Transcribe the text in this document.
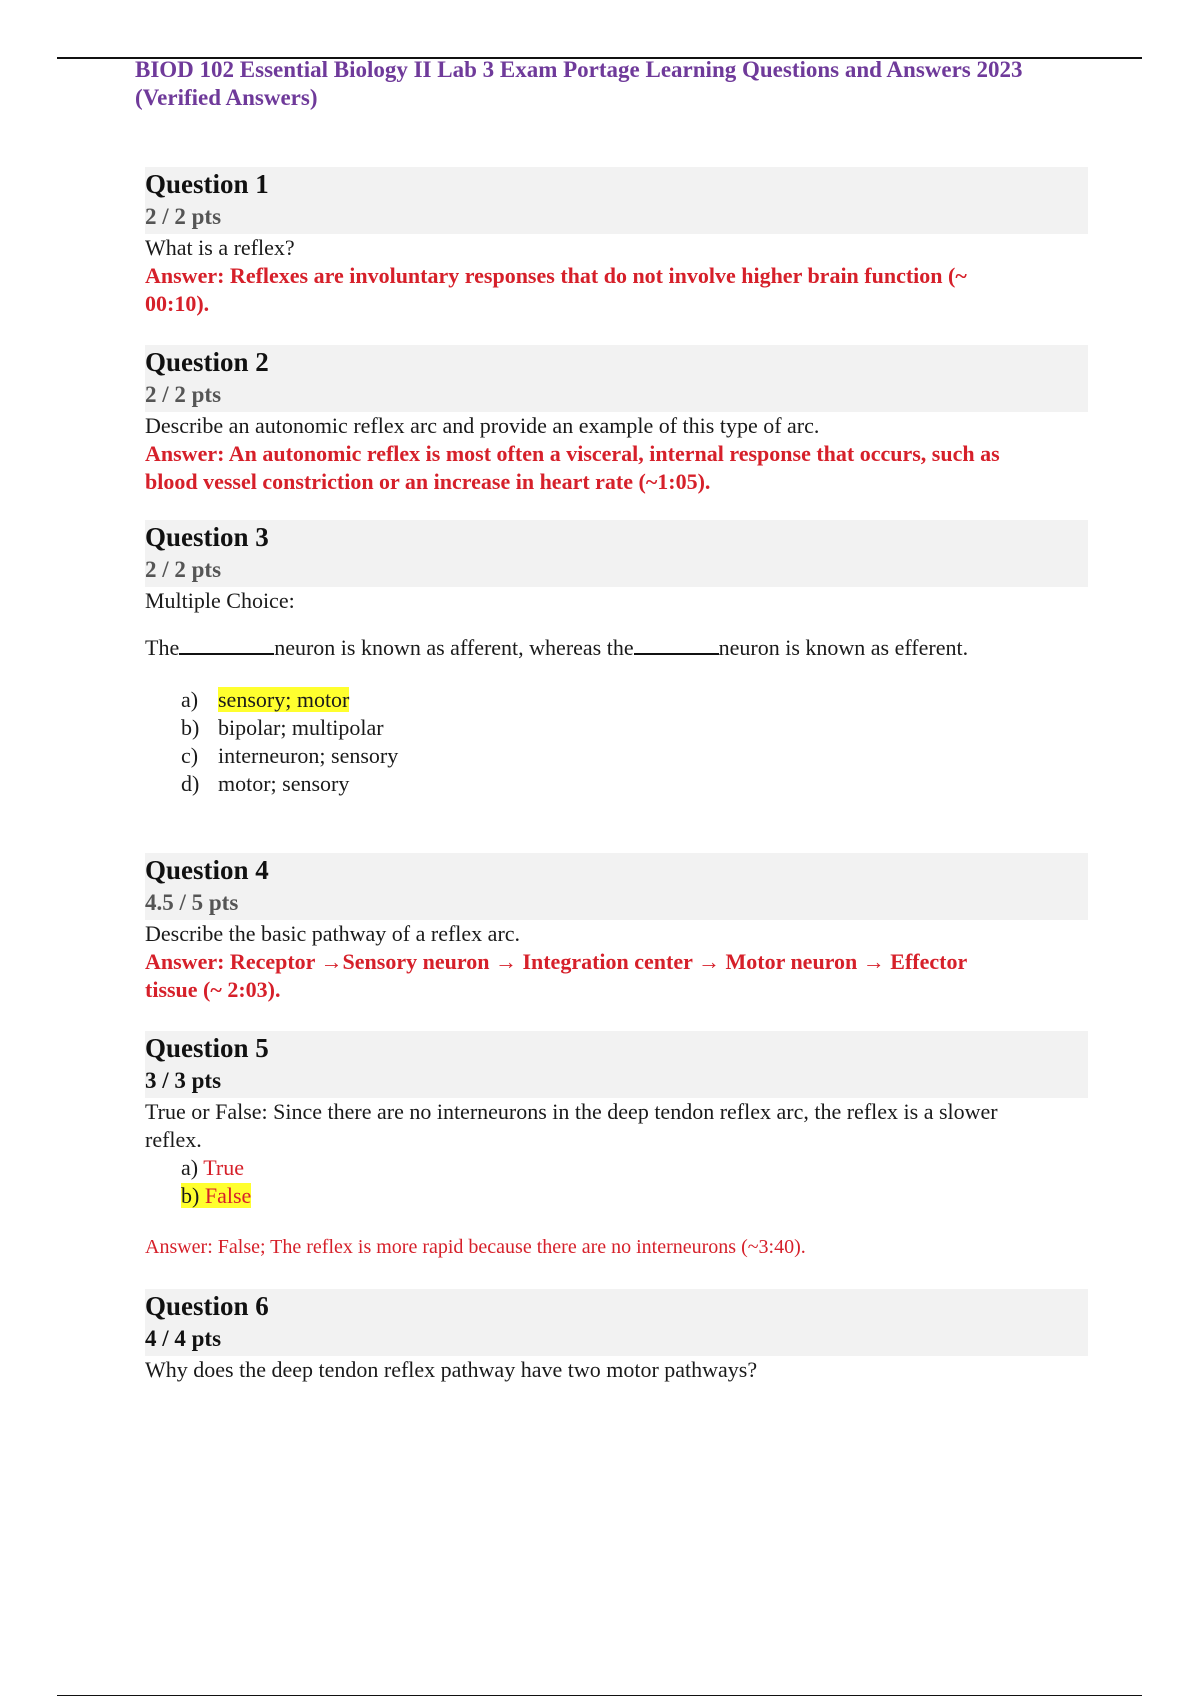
BIOD 102 Essential Biology II Lab 3 Exam Portage Learning Questions and Answers 2023 (Verified Answers)
Question 1
2 / 2 pts

What is a reflex?

Answer: Reflexes are involuntary responses that do not involve higher brain function (~

00:10).

Question 2
2 / 2 pts

Describe an autonomic reflex arc and provide an example of this type of arc.

Answer: An autonomic reflex is most often a visceral, internal response that occurs, such as

blood vessel constriction or an increase in heart rate (~1:05).

Question 3
2 / 2 pts

Multiple Choice:

The	neuron is known as afferent, whereas the	neuron is known as efferent.

a) sensory; motor
b) bipolar; multipolar
c) interneuron; sensory
d) motor; sensory
Question 4
4.5 / 5 pts

Describe the basic pathway of a reflex arc.

Answer: Receptor →Sensory neuron → Integration center → Motor neuron → Effector

tissue (~ 2:03).

Question 5
3 / 3 pts

True or False: Since there are no interneurons in the deep tendon reflex arc, the reflex is a slower

reflex.

a) True
b) False

Answer: False; The reflex is more rapid because there are no interneurons (~3:40).

Question 6
4 / 4 pts

Why does the deep tendon reflex pathway have two motor pathways?
